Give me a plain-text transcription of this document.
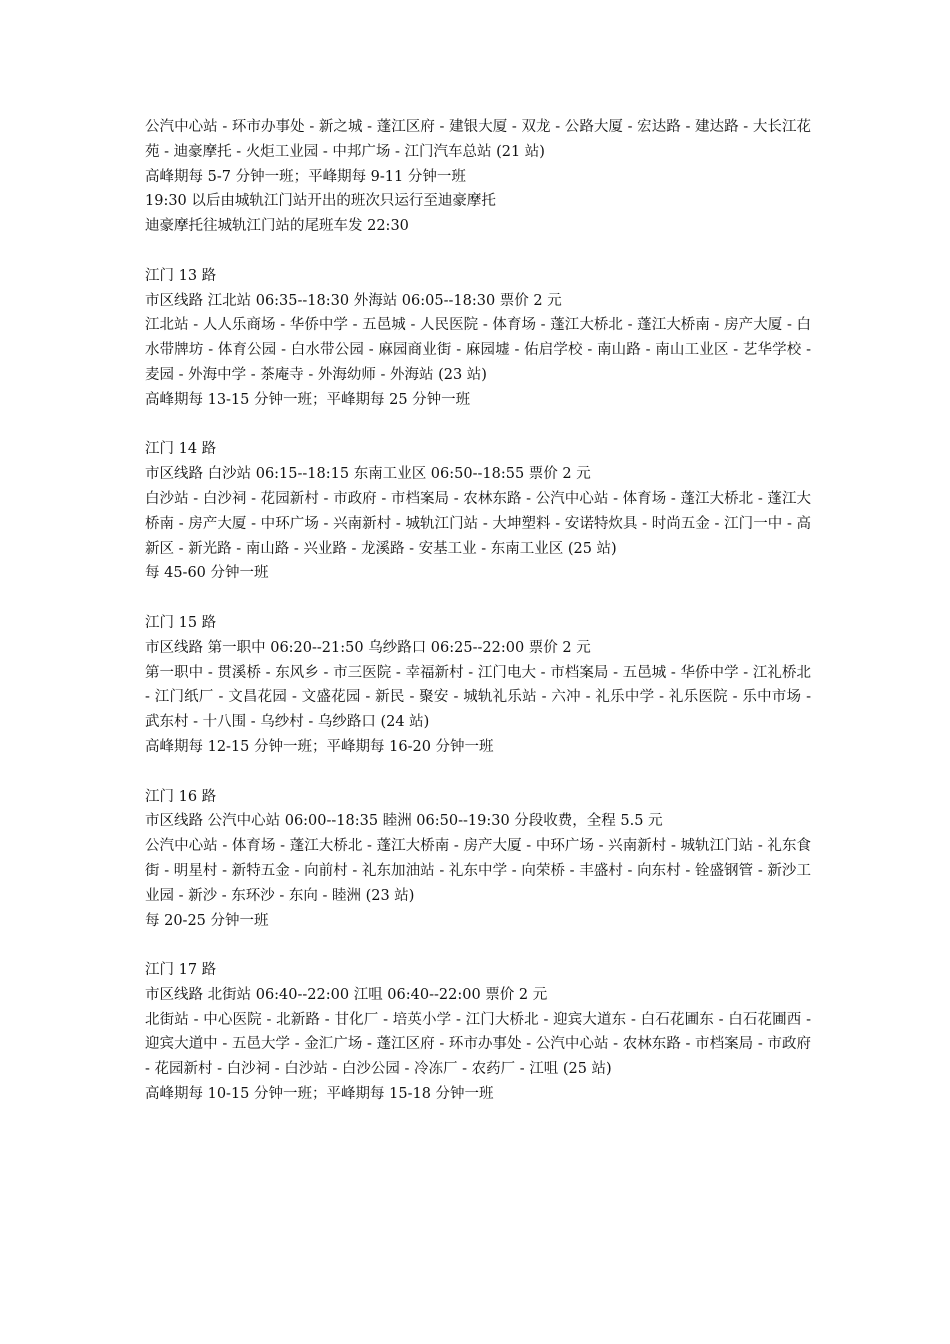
公汽中心站 - 环市办事处 - 新之城 - 蓬江区府 - 建银大厦 - 双龙 - 公路大厦 - 宏达路 - 建达路 - 大长江花苑 - 迪豪摩托 - 火炬工业园 - 中邦广场 - 江门汽车总站 (21 站)
高峰期每 5-7 分钟一班；平峰期每 9-11 分钟一班
19:30 以后由城轨江门站开出的班次只运行至迪豪摩托
迪豪摩托往城轨江门站的尾班车发 22:30
江门 13 路
市区线路 江北站 06:35--18:30 外海站 06:05--18:30 票价 2 元
江北站 - 人人乐商场 - 华侨中学 - 五邑城 - 人民医院 - 体育场 - 蓬江大桥北 - 蓬江大桥南 - 房产大厦 - 白水带牌坊 - 体育公园 - 白水带公园 - 麻园商业街 - 麻园墟 - 佑启学校 - 南山路 - 南山工业区 - 艺华学校 - 麦园 - 外海中学 - 茶庵寺 - 外海幼师 - 外海站 (23 站)
高峰期每 13-15 分钟一班；平峰期每 25 分钟一班
江门 14 路
市区线路 白沙站 06:15--18:15 东南工业区 06:50--18:55 票价 2 元
白沙站 - 白沙祠 - 花园新村 - 市政府 - 市档案局 - 农林东路 - 公汽中心站 - 体育场 - 蓬江大桥北 - 蓬江大桥南 - 房产大厦 - 中环广场 - 兴南新村 - 城轨江门站 - 大坤塑料 - 安诺特炊具 - 时尚五金 - 江门一中 - 高新区 - 新光路 - 南山路 - 兴业路 - 龙溪路 - 安基工业 - 东南工业区 (25 站)
每 45-60 分钟一班
江门 15 路
市区线路 第一职中 06:20--21:50 乌纱路口 06:25--22:00 票价 2 元
第一职中 - 贯溪桥 - 东风乡 - 市三医院 - 幸福新村 - 江门电大 - 市档案局 - 五邑城 - 华侨中学 - 江礼桥北 - 江门纸厂 - 文昌花园 - 文盛花园 - 新民 - 聚安 - 城轨礼乐站 - 六冲 - 礼乐中学 - 礼乐医院 - 乐中市场 - 武东村 - 十八围 - 乌纱村 - 乌纱路口 (24 站)
高峰期每 12-15 分钟一班；平峰期每 16-20 分钟一班
江门 16 路
市区线路 公汽中心站 06:00--18:35 睦洲 06:50--19:30 分段收费，全程 5.5 元
公汽中心站 - 体育场 - 蓬江大桥北 - 蓬江大桥南 - 房产大厦 - 中环广场 - 兴南新村 - 城轨江门站 - 礼东食街 - 明星村 - 新特五金 - 向前村 - 礼东加油站 - 礼东中学 - 向荣桥 - 丰盛村 - 向东村 - 铨盛钢管 - 新沙工业园 - 新沙 - 东环沙 - 东向 - 睦洲 (23 站)
每 20-25 分钟一班
江门 17 路
市区线路 北街站 06:40--22:00 江咀 06:40--22:00 票价 2 元
北街站 - 中心医院 - 北新路 - 甘化厂 - 培英小学 - 江门大桥北 - 迎宾大道东 - 白石花圃东 - 白石花圃西 - 迎宾大道中 - 五邑大学 - 金汇广场 - 蓬江区府 - 环市办事处 - 公汽中心站 - 农林东路 - 市档案局 - 市政府 - 花园新村 - 白沙祠 - 白沙站 - 白沙公园 - 冷冻厂 - 农药厂 - 江咀 (25 站)
高峰期每 10-15 分钟一班；平峰期每 15-18 分钟一班
